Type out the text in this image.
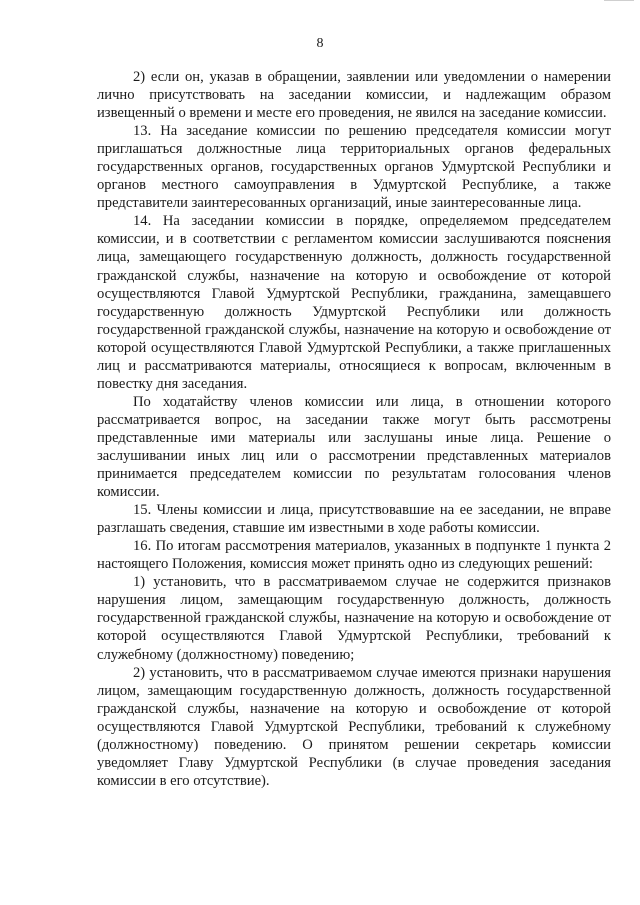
8

2) если он, указав в обращении, заявлении или уведомлении о намерении лично присутствовать на заседании комиссии, и надлежащим образом извещенный о времени и месте его проведения, не явился на заседание комиссии.

13. На заседание комиссии по решению председателя комиссии могут приглашаться должностные лица территориальных органов федеральных государственных органов, государственных органов Удмуртской Республики и органов местного самоуправления в Удмуртской Республике, а также представители заинтересованных организаций, иные заинтересованные лица.

14. На заседании комиссии в порядке, определяемом председателем комиссии, и в соответствии с регламентом комиссии заслушиваются пояснения лица, замещающего государственную должность, должность государственной гражданской службы, назначение на которую и освобождение от которой осуществляются Главой Удмуртской Республики, гражданина, замещавшего государственную должность Удмуртской Республики или должность государственной гражданской службы, назначение на которую и освобождение от которой осуществляются Главой Удмуртской Республики, а также приглашенных лиц и рассматриваются материалы, относящиеся к вопросам, включенным в повестку дня заседания.

По ходатайству членов комиссии или лица, в отношении которого рассматривается вопрос, на заседании также могут быть рассмотрены представленные ими материалы или заслушаны иные лица. Решение о заслушивании иных лиц или о рассмотрении представленных материалов принимается председателем комиссии по результатам голосования членов комиссии.

15. Члены комиссии и лица, присутствовавшие на ее заседании, не вправе разглашать сведения, ставшие им известными в ходе работы комиссии.

16. По итогам рассмотрения материалов, указанных в подпункте 1 пункта 2 настоящего Положения, комиссия может принять одно из следующих решений:

1) установить, что в рассматриваемом случае не содержится признаков нарушения лицом, замещающим государственную должность, должность государственной гражданской службы, назначение на которую и освобождение от которой осуществляются Главой Удмуртской Республики, требований к служебному (должностному) поведению;

2) установить, что в рассматриваемом случае имеются признаки нарушения лицом, замещающим государственную должность, должность государственной гражданской службы, назначение на которую и освобождение от которой осуществляются Главой Удмуртской Республики, требований к служебному (должностному) поведению. О принятом решении секретарь комиссии уведомляет Главу Удмуртской Республики (в случае проведения заседания комиссии в его отсутствие).
